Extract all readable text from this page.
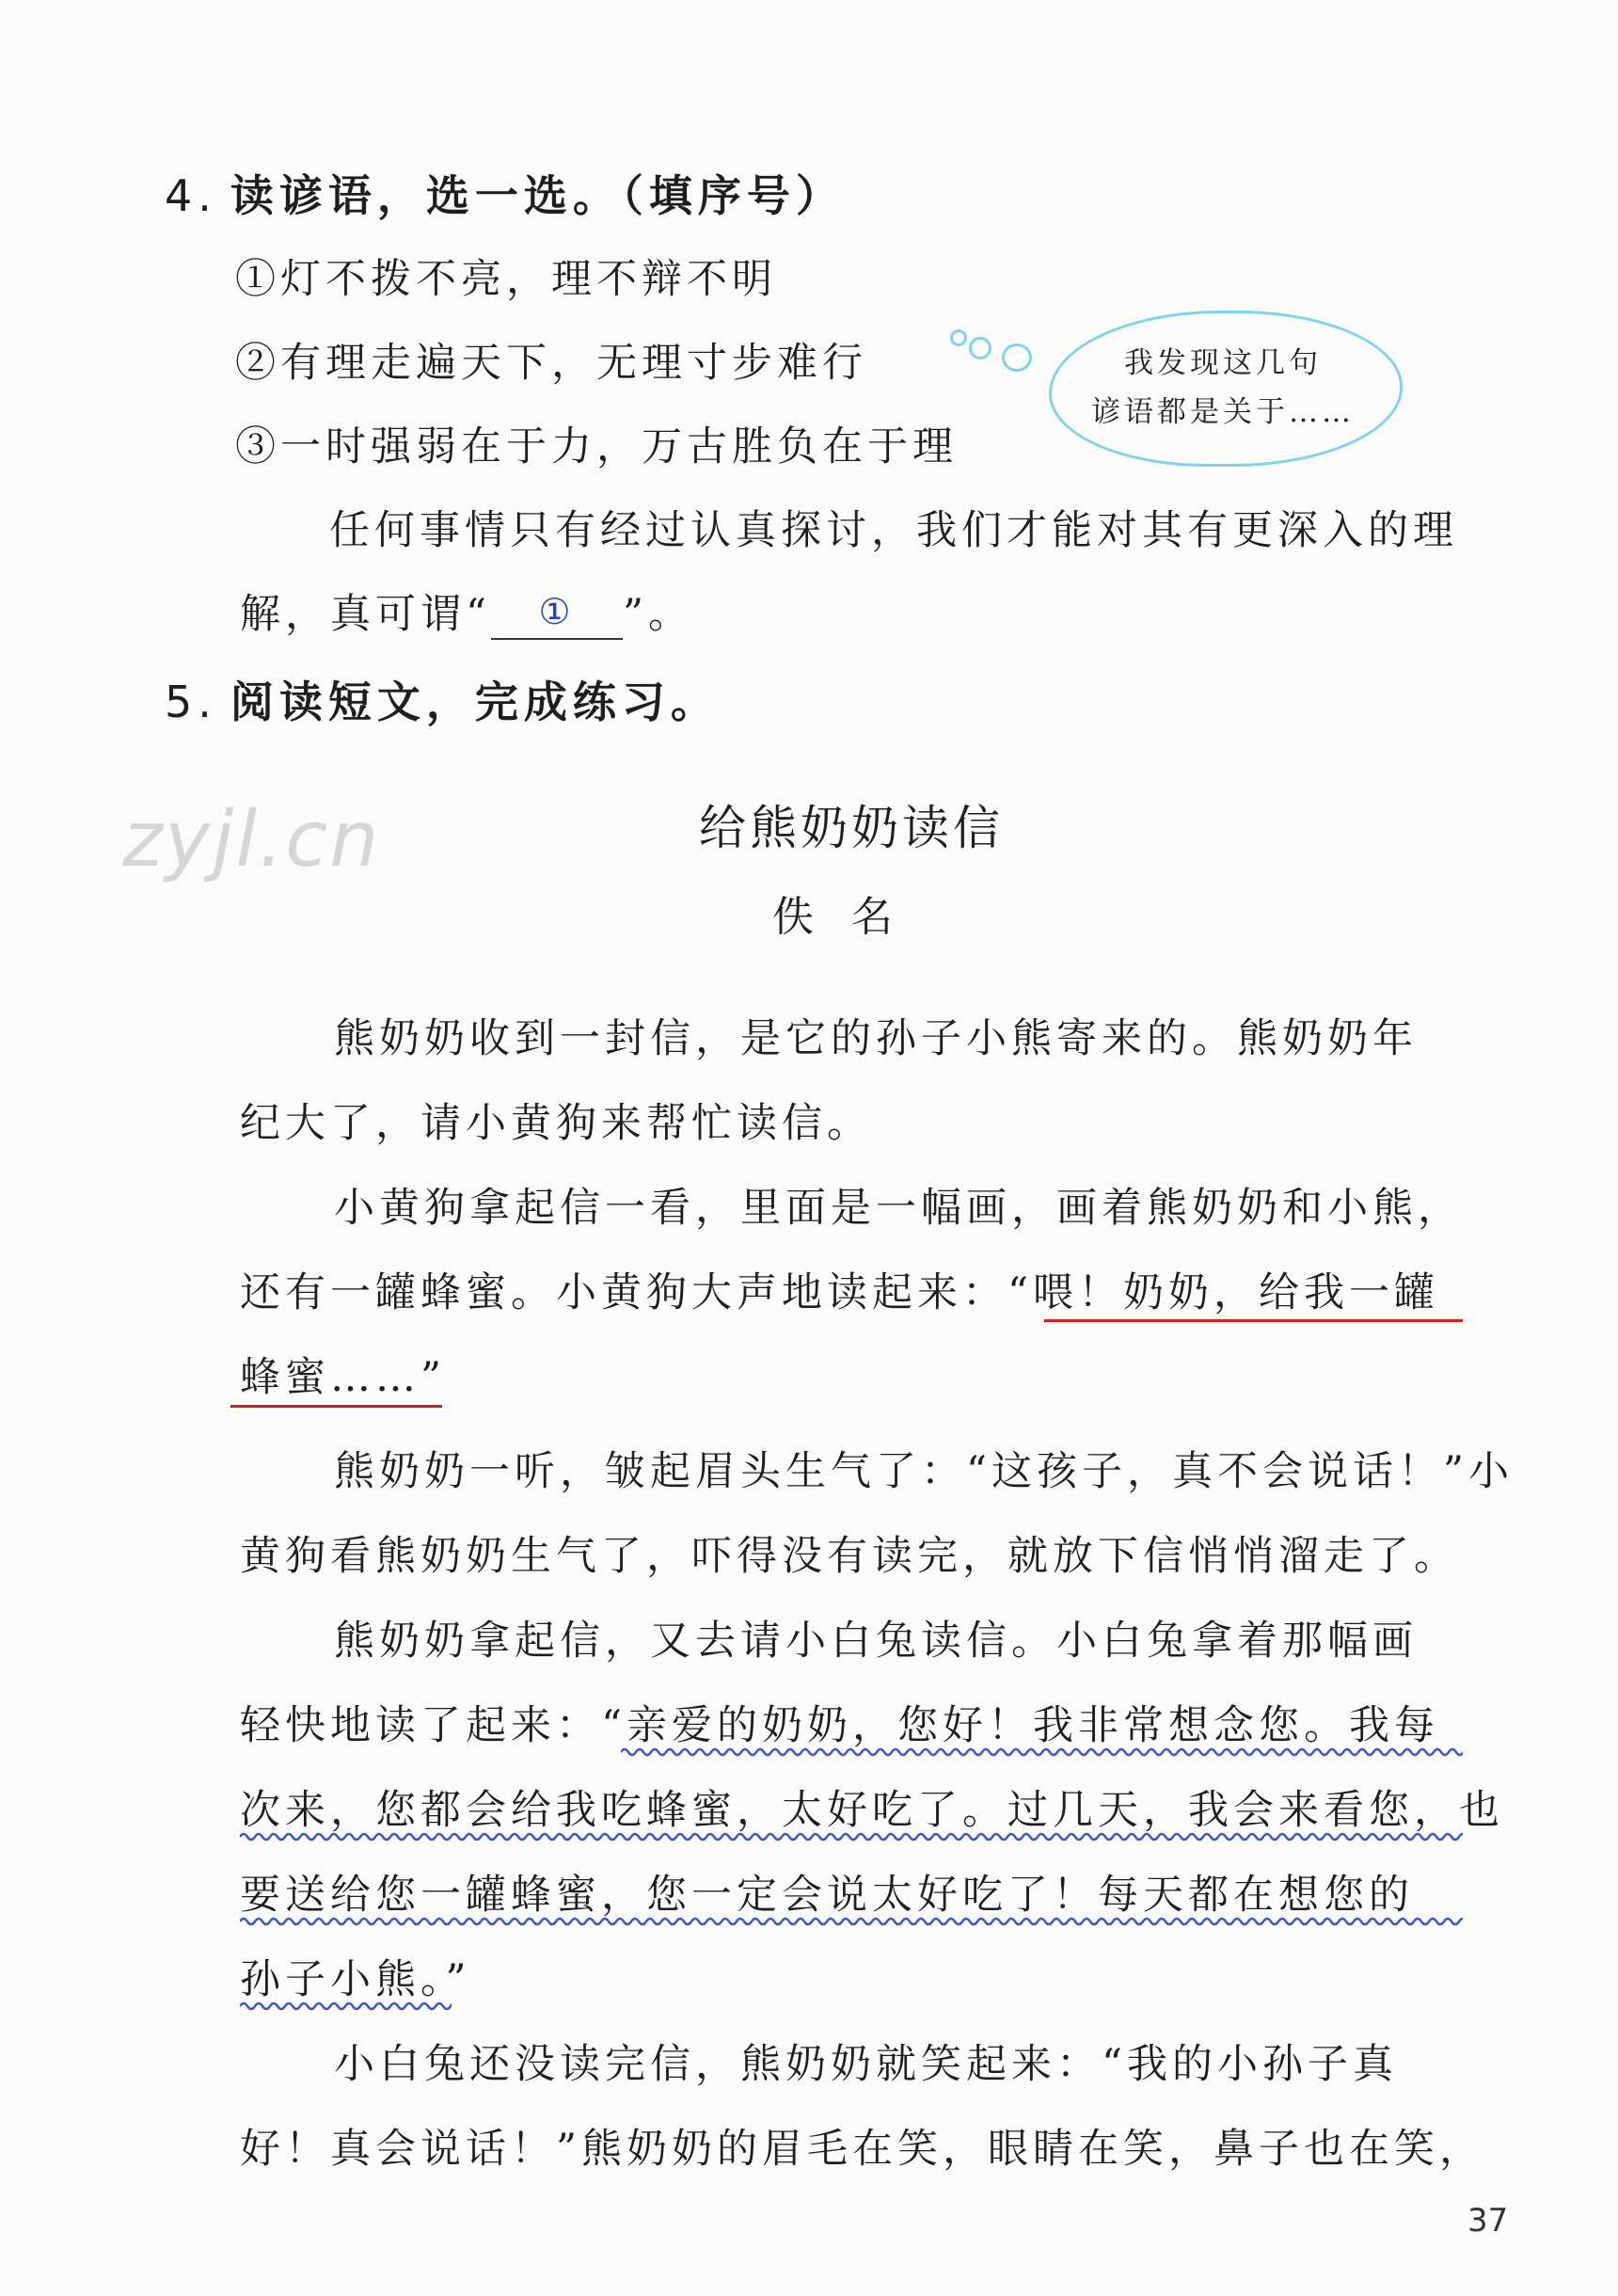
4. 读谚语，选一选。（填序号）
①灯不拨不亮，理不辩不明
②有理走遍天下，无理寸步难行
③一时强弱在于力，万古胜负在于理
我发现这几句
谚语都是关于……
任何事情只有经过认真探讨，我们才能对其有更深入的理
解，真可谓“	①	”。
5. 阅读短文，完成练习。
zyjl.cn	给熊奶奶读信
佚名
熊奶奶收到一封信，是它的孙子小熊寄来的。熊奶奶年
纪大了，请小黄狗来帮忙读信。
小黄狗拿起信一看，里面是一幅画，画着熊奶奶和小熊，
还有一罐蜂蜜。小黄狗大声地读起来：“喂！奶奶，给我一罐
蜂蜜……”
熊奶奶一听，皱起眉头生气了：“这孩子，真不会说话！”小
黄狗看熊奶奶生气了，吓得没有读完，就放下信悄悄溜走了。
熊奶奶拿起信，又去请小白兔读信。小白兔拿着那幅画
轻快地读了起来：“亲爱的奶奶，您好！我非常想念您。我每
次来，您都会给我吃蜂蜜，太好吃了。过几天，我会来看您，也
要送给您一罐蜂蜜，您一定会说太好吃了！每天都在想您的
孙子小熊。”
小白兔还没读完信，熊奶奶就笑起来：“我的小孙子真
好！真会说话！”熊奶奶的眉毛在笑，眼睛在笑，鼻子也在笑，
37
